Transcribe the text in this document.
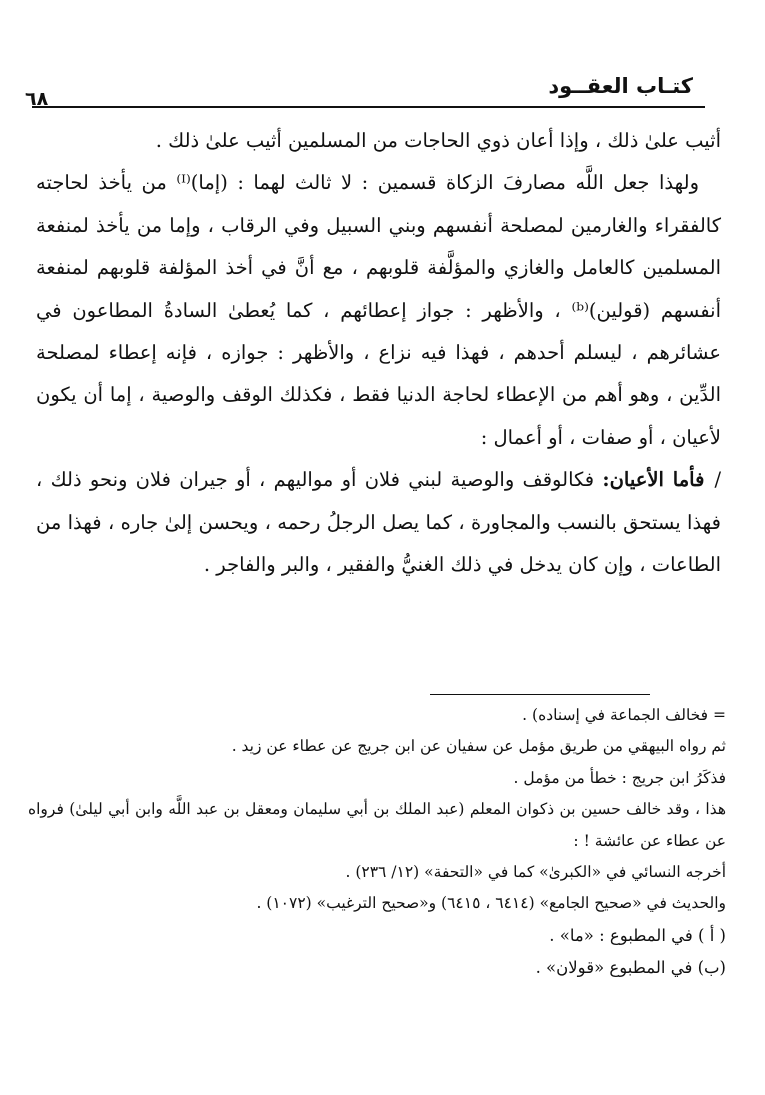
كتـاب العقــود
٦٨

أثيب علىٰ ذلك ، وإذا أعان ذوي الحاجات من المسلمين أثيب علىٰ ذلك .

ولهذا جعل اللَّه مصارفَ الزكاة قسمين : لا ثالث لهما : (إما)⁽ᴵ⁾ من يأخذ لحاجته كالفقراء والغارمين لمصلحة أنفسهم وبني السبيل وفي الرقاب ، وإما من يأخذ لمنفعة المسلمين كالعامل والغازي والمؤلَّفة قلوبهم ، مع أنَّ في أخذ المؤلفة قلوبهم لمنفعة أنفسهم (قولين)⁽ᵇ⁾ ، والأظهر : جواز إعطائهم ، كما يُعطىٰ السادةُ المطاعون في عشائرهم ، ليسلم أحدهم ، فهذا فيه نزاع ، والأظهر : جوازه ، فإنه إعطاء لمصلحة الدِّين ، وهو أهم من الإعطاء لحاجة الدنيا فقط ، فكذلك الوقف والوصية ، إما أن يكون لأعيان ، أو صفات ، أو أعمال :

/فأما الأعيان: فكالوقف والوصية لبني فلان أو مواليهم ، أو جيران فلان ونحو ذلك ، فهذا يستحق بالنسب والمجاورة ، كما يصل الرجلُ رحمه ، ويحسن إلىٰ جاره ، فهذا من الطاعات ، وإن كان يدخل في ذلك الغنيُّ والفقير ، والبر والفاجر .

= فخالف الجماعة في إسناده) .

ثم رواه البيهقي من طريق مؤمل عن سفيان عن ابن جريج عن عطاء عن زيد .

فذكَرُ ابن جريج : خطأ من مؤمل .

هذا ، وقد خالف حسين بن ذكوان المعلم (عبد الملك بن أبي سليمان ومعقل بن عبد اللَّه وابن أبي ليلىٰ) فرواه عن عطاء عن عائشة ! :

أخرجه النسائي في «الكبرىٰ» كما في «التحفة» (١٢/ ٢٣٦) .

والحديث في «صحيح الجامع» (٦٤١٤ ، ٦٤١٥) و«صحيح الترغيب» (١٠٧٢) .

( أ ) في المطبوع : «ما» .

(ب) في المطبوع «قولان» .
